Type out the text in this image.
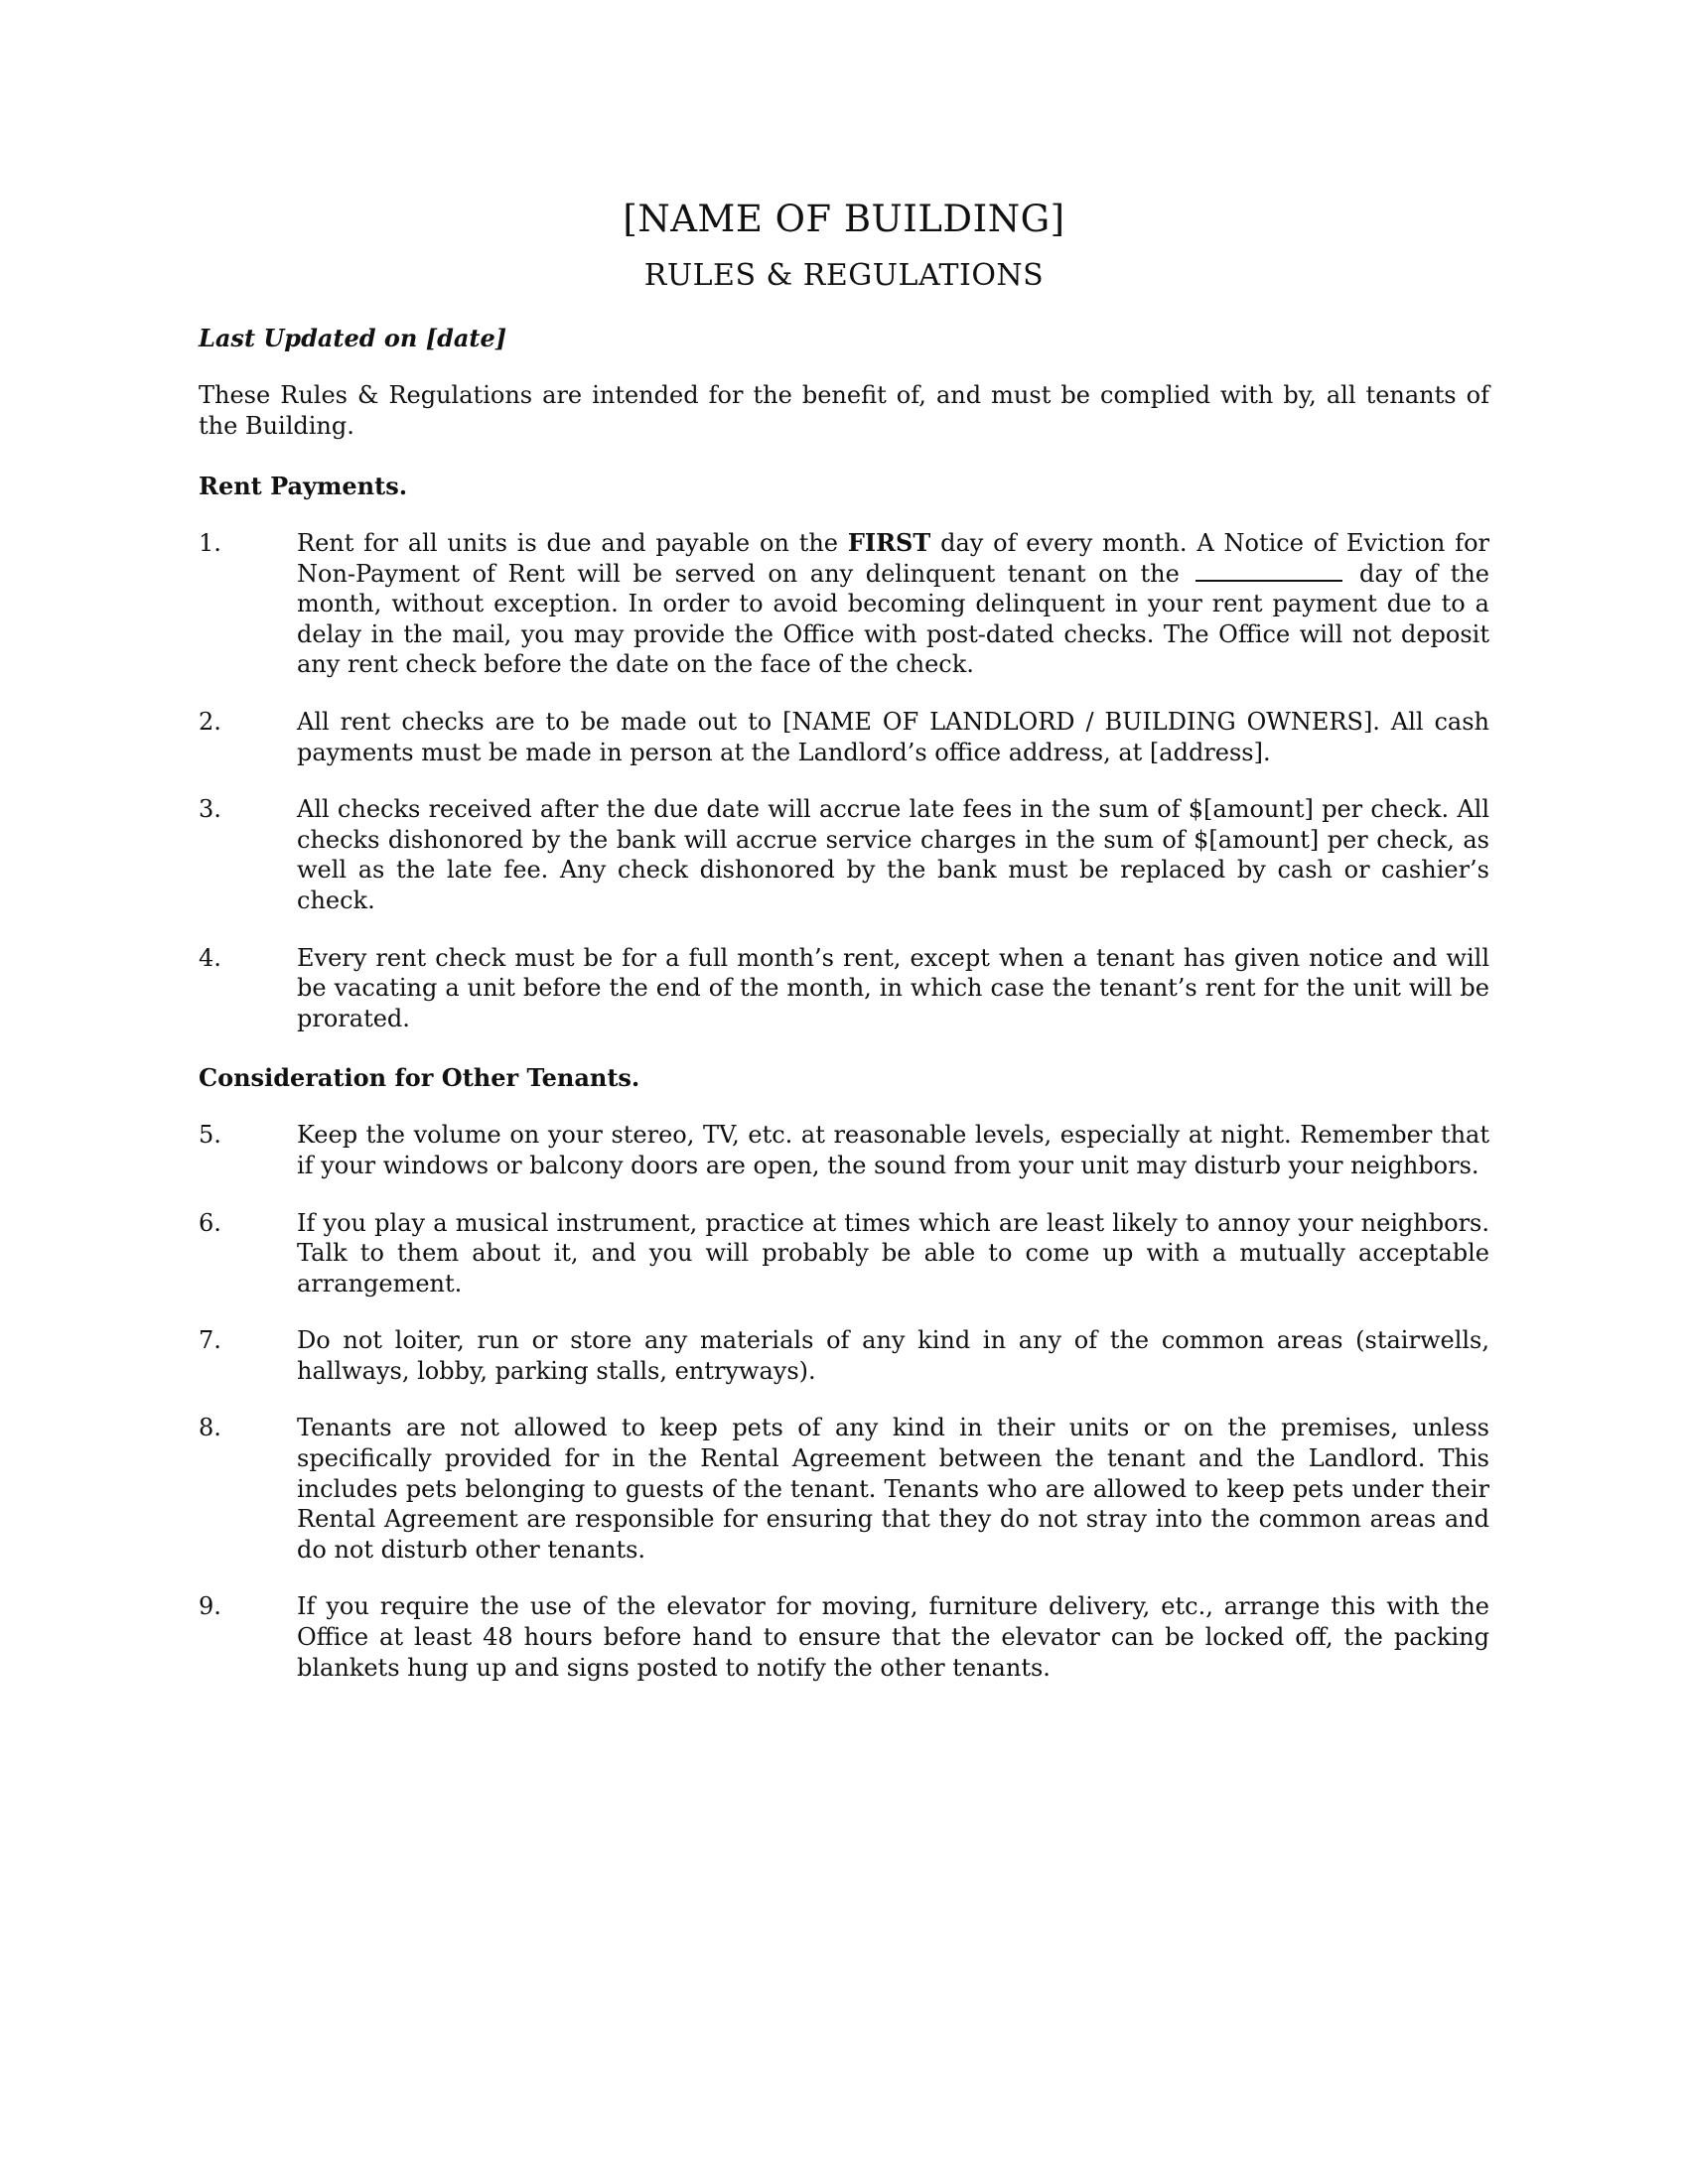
[NAME OF BUILDING]
RULES & REGULATIONS
Last Updated on [date]

These Rules & Regulations are intended for the benefit of, and must be complied with by, all tenants of the Building.

Rent Payments.
1.	Rent for all units is due and payable on the FIRST day of every month. A Notice of Eviction for Non-Payment of Rent will be served on any delinquent tenant on the	day of the month, without exception. In order to avoid becoming delinquent in your rent payment due to a delay in the mail, you may provide the Office with post-dated checks. The Office will not deposit any rent check before the date on the face of the check.
2.	All rent checks are to be made out to [NAME OF LANDLORD / BUILDING OWNERS]. All cash payments must be made in person at the Landlord’s office address, at [address].
3.	All checks received after the due date will accrue late fees in the sum of $[amount] per check. All checks dishonored by the bank will accrue service charges in the sum of $[amount] per check, as well as the late fee. Any check dishonored by the bank must be replaced by cash or cashier’s check.
4.	Every rent check must be for a full month’s rent, except when a tenant has given notice and will be vacating a unit before the end of the month, in which case the tenant’s rent for the unit will be prorated.
Consideration for Other Tenants.
5.	Keep the volume on your stereo, TV, etc. at reasonable levels, especially at night. Remember that if your windows or balcony doors are open, the sound from your unit may disturb your neighbors.
6.	If you play a musical instrument, practice at times which are least likely to annoy your neighbors. Talk to them about it, and you will probably be able to come up with a mutually acceptable arrangement.
7.	Do not loiter, run or store any materials of any kind in any of the common areas (stairwells, hallways, lobby, parking stalls, entryways).
8.	Tenants are not allowed to keep pets of any kind in their units or on the premises, unless specifically provided for in the Rental Agreement between the tenant and the Landlord. This includes pets belonging to guests of the tenant. Tenants who are allowed to keep pets under their Rental Agreement are responsible for ensuring that they do not stray into the common areas and do not disturb other tenants.
9.	If you require the use of the elevator for moving, furniture delivery, etc., arrange this with the Office at least 48 hours before hand to ensure that the elevator can be locked off, the packing blankets hung up and signs posted to notify the other tenants.
